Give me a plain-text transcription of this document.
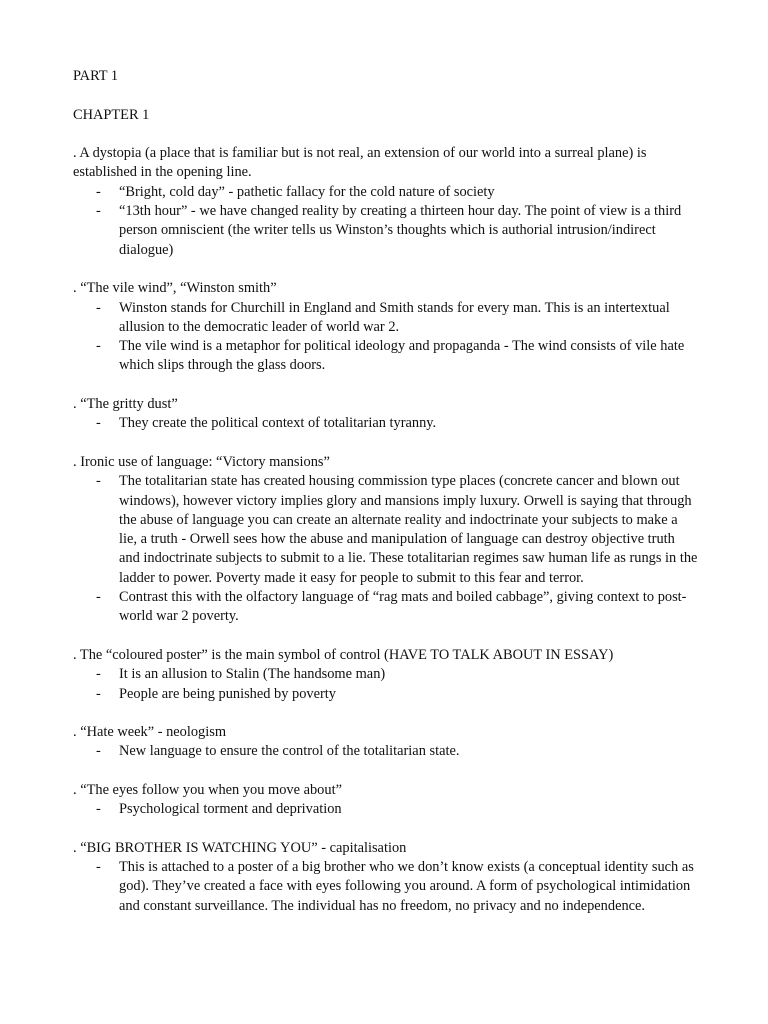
PART 1

CHAPTER 1

. A dystopia (a place that is familiar but is not real, an extension of our world into a surreal plane) is established in the opening line.

- “Bright, cold day” - pathetic fallacy for the cold nature of society
- “13th hour” - we have changed reality by creating a thirteen hour day. The point of view is a third person omniscient (the writer tells us Winston’s thoughts which is authorial intrusion/indirect dialogue)

. “The vile wind”, “Winston smith”

- Winston stands for Churchill in England and Smith stands for every man. This is an intertextual allusion to the democratic leader of world war 2.
- The vile wind is a metaphor for political ideology and propaganda - The wind consists of vile hate which slips through the glass doors.

. “The gritty dust”

- They create the political context of totalitarian tyranny.

. Ironic use of language: “Victory mansions”

- The totalitarian state has created housing commission type places (concrete cancer and blown out windows), however victory implies glory and mansions imply luxury. Orwell is saying that through the abuse of language you can create an alternate reality and indoctrinate your subjects to make a lie, a truth - Orwell sees how the abuse and manipulation of language can destroy objective truth and indoctrinate subjects to submit to a lie. These totalitarian regimes saw human life as rungs in the ladder to power. Poverty made it easy for people to submit to this fear and terror.
- Contrast this with the olfactory language of “rag mats and boiled cabbage”, giving context to post-world war 2 poverty.

. The “coloured poster” is the main symbol of control (HAVE TO TALK ABOUT IN ESSAY)

- It is an allusion to Stalin (The handsome man)
- People are being punished by poverty

. “Hate week” - neologism

- New language to ensure the control of the totalitarian state.

. “The eyes follow you when you move about”

- Psychological torment and deprivation

. “BIG BROTHER IS WATCHING YOU” - capitalisation

- This is attached to a poster of a big brother who we don’t know exists (a conceptual identity such as god). They’ve created a face with eyes following you around. A form of psychological intimidation and constant surveillance. The individual has no freedom, no privacy and no independence.
